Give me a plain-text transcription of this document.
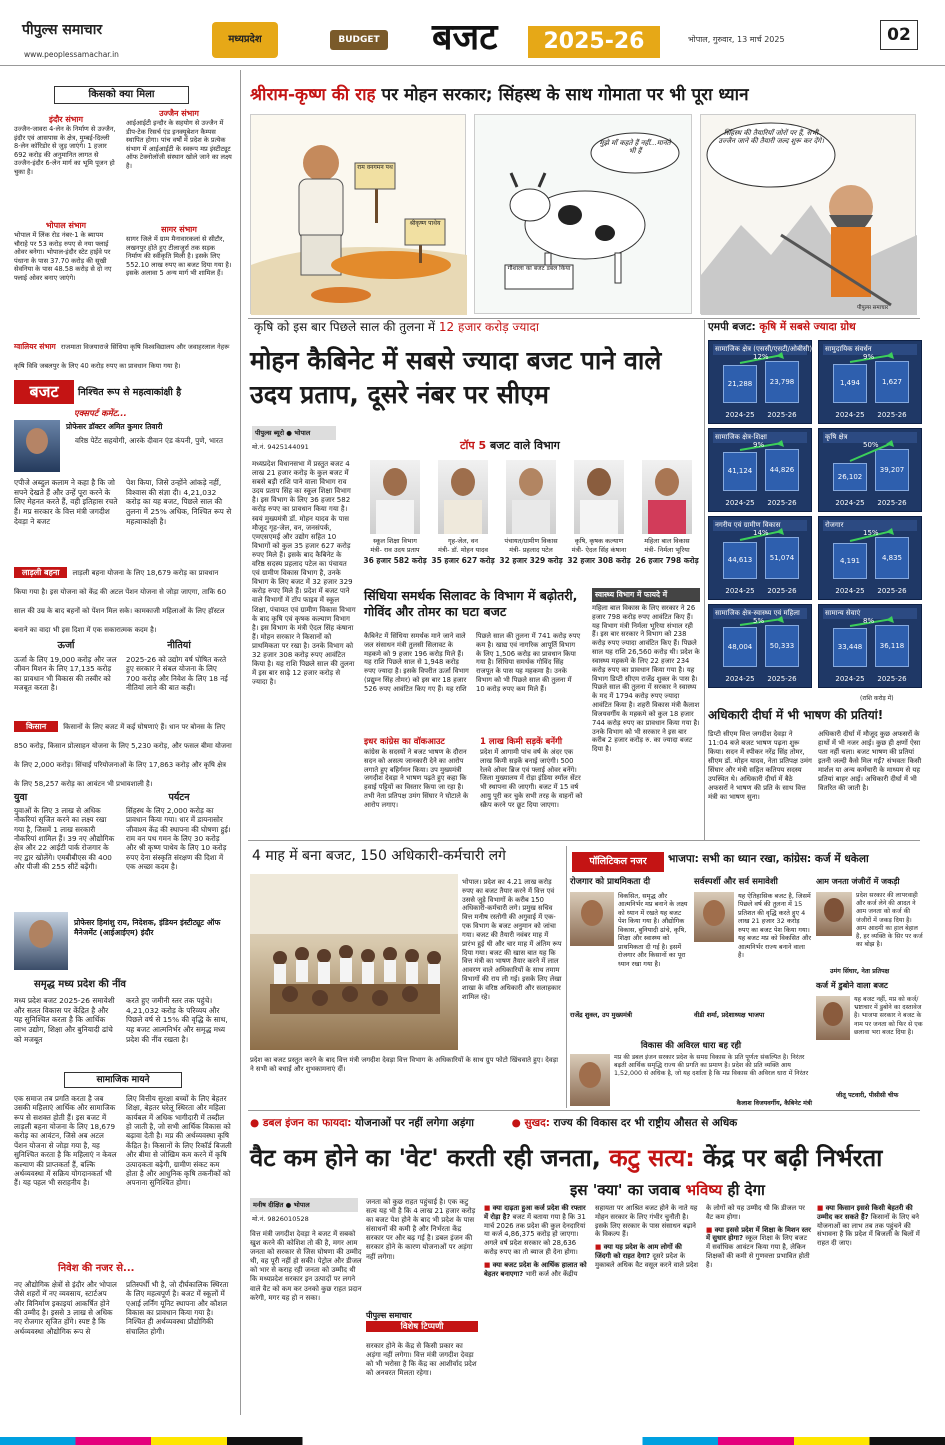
पीपुल्स समाचार
www.peoplessamachar.in
मध्यप्रदेश	BUDGET बजट	2025-26	भोपाल, गुरुवार, 13 मार्च 2025	02
किसको क्या मिला
इंदौर संभाग
उज्जैन-जावरा 4-लेन के निर्माण से उज्जैन, इंदौर एवं आसपास के क्षेत्र, मुम्बई-दिल्ली 8-लेन कॉरिडोर से जुड़ जाएंगे। 1 हजार 692 करोड़ की अनुमानित लागत से उज्जैन-इंदौर 6-लेन मार्ग का भूमि पूजन हो चुका है।
उज्जैन संभाग
आईआईटी इन्दौर के सहयोग से उज्जैन में डीप-टेक रिसर्च एंड इनक्यूबेशन कैम्पस स्थापित होगा। पांच वर्षों में प्रदेश के प्रत्येक संभाग में आईआईटी के स्वरूप मप्र इंस्टीट्यूट ऑफ टेक्नोलॉजी संस्थान खोले जाने का लक्ष्य है।
भोपाल संभाग
भोपाल में लिंक रोड नंबर-1 के ब्यापम चौराहे पर 53 करोड़ रुपए से नया फ्लाई ओवर बनेगा। भोपाल-इंदौर स्टेट हाईवे पर पंधाना के पास 37.70 करोड़ की सूखी सेवनिया के पास 48.58 करोड़ से दो नए फ्लाई ओवर बनाए जाएंगे।
सागर संभाग
सागर जिले में ग्राम मैनावारकलां से सीटौर, लखनपुर होते हुए टीलाजुर्रा तक सड़क निर्माण की स्वीकृति मिली है। इसके लिए 552.10 लाख रुपए का बजट दिया गया है। इसके अलावा 5 अन्य मार्ग भी शामिल हैं।
ग्वालियर संभाग राजमाता विजयाराजे सिंधिया कृषि विश्वविद्यालय और जवाहरलाल नेहरू कृषि विवि जबलपुर के लिए 40 करोड़ रुपए का प्रावधान किया गया है।
बजट	निश्चित रूप से महत्वाकांक्षी है
एक्सपर्ट कमेंट...
प्रोफेसर डॉक्टर अमित कुमार तिवारी
वरिष्ठ पेटेंट सहयोगी, आरके दीवान एंड कंपनी, पुणे, भारत
एपीजे अब्दुल कलाम ने कहा है कि जो सपने देखते हैं और उन्हें पूरा करने के लिए मेहनत करते हैं, वही इतिहास रचते हैं। मप्र सरकार के वित्त मंत्री जगदीश देवड़ा ने बजट
पेश किया, जिसे उन्होंने आंकड़े नहीं, विश्वास की संज्ञा दी। 4,21,032 करोड़ का यह बजट, पिछले साल की तुलना में 25% अधिक, निश्चित रूप से महत्वाकांक्षी है।
लाड़ली बहना लाड़ली बहना योजना के लिए 18,679 करोड़ का प्रावधान किया गया है। इस योजना को केंद्र की अटल पेंशन योजना से जोड़ा जाएगा, ताकि 60 साल की उम्र के बाद बहनों को पेंशन मिल सके। कामकाजी महिलाओं के लिए हॉस्टल बनाने का वादा भी इस दिशा में एक सकारात्मक कदम है।
ऊर्जा
ऊर्जा के लिए 19,000 करोड़ और जल जीवन मिशन के लिए 17,135 करोड़ का प्रावधान भी विकास की तस्वीर को मजबूत करता है।
नीतियां
2025-26 को उद्योग वर्ष घोषित करते हुए सरकार ने संबल योजना के लिए 700 करोड़ और निवेश के लिए 18 नई नीतियां लाने की बात कही।
किसान किसानों के लिए बजट में कई घोषणाएं हैं। धान पर बोनस के लिए 850 करोड़, किसान प्रोत्साहन योजना के लिए 5,230 करोड़, और फसल बीमा योजना के लिए 2,000 करोड़। सिंचाई परियोजनाओं के लिए 17,863 करोड़ और कृषि क्षेत्र के लिए 58,257 करोड़ का आवंटन भी प्रभावशाली है।
युवा
युवाओं के लिए 3 लाख से अधिक नौकरियां सृजित करने का लक्ष्य रखा गया है, जिसमें 1 लाख सरकारी नौकरियां शामिल हैं। 39 नए औद्योगिक क्षेत्र और 22 आईटी पार्क रोजगार के नए द्वार खोलेंगे। एमबीबीएस की 400 और पीजी की 255 सीटें बढ़ेंगी।
पर्यटन
सिंहस्थ के लिए 2,000 करोड़ का प्रावधान किया गया। धार में डायनासोर जीवाश्म केंद्र की स्थापना की घोषणा हुई। राम वन पथ गमन के लिए 30 करोड़ और श्री कृष्ण पाथेय के लिए 10 करोड़ रुपए देना संस्कृति संरक्षण की दिशा में एक अच्छा कदम है।
प्रोफेसर हिमांशु राय, निदेशक, इंडियन इंस्टीट्यूट ऑफ मैनेजमेंट (आईआईएम) इंदौर
समृद्ध मध्य प्रदेश की नींव
मध्य प्रदेश बजट 2025-26 समावेशी और सतत विकास पर केंद्रित है और यह सुनिश्चित करता है कि आर्थिक लाभ उद्योग, शिक्षा और बुनियादी ढांचे को मजबूत
करते हुए जमीनी स्तर तक पहुंचे। 4,21,032 करोड़ के परिव्यय और पिछले वर्ष से 15% की वृद्धि के साथ, यह बजट आत्मनिर्भर और समृद्ध मध्य प्रदेश की नींव रखता है।
सामाजिक मायने
एक समाज तब प्रगति करता है जब उसकी महिलाएं आर्थिक और सामाजिक रूप से सशक्त होती हैं। इस बजट में लाड़ली बहना योजना के लिए 18,679 करोड़ का आवंटन, जिसे अब अटल पेंशन योजना से जोड़ा गया है, यह सुनिश्चित करता है कि महिलाएं न केवल कल्याण की प्राप्तकर्ता हैं, बल्कि अर्थव्यवस्था में सक्रिय योगदानकर्ता भी हैं। यह पहल भी सराहनीय है।
लिए वित्तीय सुरक्षा बच्चों के लिए बेहतर शिक्षा, बेहतर घरेलू स्थिरता और महिला कार्यबल में अधिक भागीदारी में तब्दील हो जाती है, जो सभी आर्थिक विकास को बढ़ावा देती है। मप्र की अर्थव्यवस्था कृषि केंद्रित है। किसानों के लिए रिकॉर्ड बिजली और बीमा से जोखिम कम करने में कृषि उत्पादकता बढ़ेगी, ग्रामीण संकट कम होता है और आधुनिक कृषि तकनीकों को अपनाना सुनिश्चित होगा।
निवेश की नजर से...
नए औद्योगिक क्षेत्रों से इंदौर और भोपाल जैसे शहरों में नए व्यवसाय, स्टार्टअप और विनिर्माण इकाइयां आकर्षित होने की उम्मीद है। इससे 3 लाख से अधिक नए रोजगार सृजित होंगे। स्पष्ट है कि अर्थव्यवस्था औद्योगिक रूप से
प्रतिस्पर्धी भी है, जो दीर्घकालिक स्थिरता के लिए महत्वपूर्ण है। बजट में स्कूलों में एआई लर्निंग यूनिट स्थापना और कौशल विकास का प्रावधान किया गया है। निश्चित ही अर्थव्यवस्था प्रौद्योगिकी संचालित होगी।
श्रीराम-कृष्ण की राह पर मोहन सरकार; सिंहस्थ के साथ गोमाता पर भी पूरा ध्यान
राम वनगमन पथ
श्रीकृष्ण पाथेय
मुझे माँ कहते हैं नहीं...मानते भी हैं
गौशाला का बजट डबल किया
सिंहस्थ की तैयारियाँ जोरों पर हैं, सभी उज्जैन जाने की तैयारी जल्द शुरू कर देंगे।
पीपुल्स समाचार
कृषि को इस बार पिछले साल की तुलना में 12 हजार करोड़ ज्यादा
मोहन कैबिनेट में सबसे ज्यादा बजट पाने वाले उदय प्रताप, दूसरे नंबर पर सीएम
पीपुल्स ब्यूरो ● भोपाल
मो.नं. 9425144091
मध्यप्रदेश विधानसभा में प्रस्तुत बजट 4 लाख 21 हजार करोड़ के कुल बजट में सबसे बड़ी राशि पाने वाला विभाग राव उदय प्रताप सिंह का स्कूल शिक्षा विभाग है। इस विभाग के लिए 36 हजार 582 करोड़ रुपए का प्रावधान किया गया है। स्वयं मुख्यमंत्री डॉ. मोहन यादव के पास मौजूद गृह-जेल, वन, जनसंपर्क, एमएसएमई और उद्योग सहित 10 विभागों को कुल 35 हजार 627 करोड़ रुपए मिले हैं। इसके बाद कैबिनेट के वरिष्ठ सदस्य प्रहलाद पटेल का पंचायत एवं ग्रामीण विकास विभाग है, उनके विभाग के लिए बजट में 32 हजार 329 करोड़ रुपए मिले हैं। प्रदेश में बजट पाने वाले विभागों में टॉप फाइव में स्कूल शिक्षा, पंचायत एवं ग्रामीण विकास विभाग के बाद कृषि एवं कृषक कल्याण विभाग है। इस विभाग के मंत्री ऐदल सिंह कंषाना हैं। मोहन सरकार ने किसानों को प्राथमिकता पर रखा है। उनके विभाग को 32 हजार 308 करोड़ रुपए आवंटित किया है। यह राशि पिछले साल की तुलना में इस बार साढ़े 12 हजार करोड़ से ज्यादा है।
टॉप 5 बजट वाले विभाग
स्कूल शिक्षा विभाग
मंत्री- राव उदय प्रताप
36 हजार 582 करोड़
गृह-जेल, वन
मंत्री- डॉ. मोहन यादव
35 हजार 627 करोड़
पंचायत/ग्रामीण विकास
मंत्री- प्रहलाद पटेल
32 हजार 329 करोड़
कृषि, कृषक कल्याण
मंत्री- ऐदल सिंह कंषाना
32 हजार 308 करोड़
महिला बाल विकास
मंत्री- निर्मला भूरिया
26 हजार 798 करोड़
सिंधिया समर्थक सिलावट के विभाग में बढ़ोतरी, गोविंद और तोमर का घटा बजट
कैबिनेट में सिंधिया समर्थक माने जाने वाले जल संसाधन मंत्री तुलसी सिलावट के महकमे को 9 हजार 196 करोड़ मिले हैं। यह राशि पिछले साल से 1,948 करोड़ रुपए ज्यादा है। इसके विपरीत ऊर्जा विभाग (प्रद्युम्न सिंह तोमर) को इस बार 18 हजार 526 रुपए आवंटित किए गए हैं। यह राशि पिछले साल की तुलना में 741 करोड़ रुपए कम है। खाद्य एवं नागरिक आपूर्ति विभाग के लिए 1,506 करोड़ का प्रावधान किया गया है। सिंधिया समर्थक गोविंद सिंह राजपूत के पास यह महकमा है। उनके विभाग को भी पिछले साल की तुलना में 10 करोड़ रुपए कम मिले हैं।
इधर कांग्रेस का वॉकआउट
कांग्रेस के सदस्यों ने बजट भाषण के दौरान सदन को असत्य जानकारी देने का आरोप लगाते हुए बहिर्गमन किया। उप मुख्यमंत्री जगदीश देवड़ा ने भाषण पढ़ते हुए कहा कि हवाई पट्टियों का विस्तार किया जा रहा है। तभी नेता प्रतिपक्ष उमंग सिंघार ने घोटाले के आरोप लगाए।
1 लाख किमी सड़कें बनेंगी
प्रदेश में आगामी पांच वर्ष के अंदर एक लाख किमी सड़कें बनाई जाएंगी। 500 रेलवे ओवर ब्रिज एवं फ्लाई ओवर बनेंगे। जिला मुख्यालय में रोड़ा इंडिया स्मॉल सेंटर भी स्थापना की जाएगी। बजट में 15 वर्ष आयु पूरी कर चुके सभी तरह के वाहनों को स्क्रैप करने पर छूट दिया जाएगा।
स्वास्थ्य विभाग में फायदे में
महिला बाल विकास के लिए सरकार ने 26 हजार 798 करोड़ रुपए आवंटित किए हैं। यह विभाग मंत्री निर्मला भूरिया संभाल रही हैं। इस बार सरकार ने विभाग को 238 करोड़ रुपए ज्यादा आवंटित किए हैं। पिछले साल यह राशि 26,560 करोड़ थी। प्रदेश के स्वास्थ्य महकमे के लिए 22 हजार 234 करोड़ रुपए का प्रावधान किया गया है। यह विभाग डिप्टी सीएम राजेंद्र शुक्ल के पास है। पिछले साल की तुलना में सरकार ने स्वास्थ्य के मद में 1794 करोड़ रुपए ज्यादा आवंटित किया है। शहरी विकास मंत्री कैलाश विजयवर्गीय के महकमे को कुल 18 हजार 744 करोड़ रुपए का प्रावधान किया गया है। उनके विभाग को भी सरकार ने इस बार करीब 2 हजार करोड़ रु. का ज्यादा बजट दिया है।
एमपी बजट: कृषि में सबसे ज्यादा ग्रोथ
सामाजिक क्षेत्र (एससी/एसटी/ओबीसी)
21,288
2024-25
23,798
2025-26
12%
सामुदायिक संवर्धन
1,494
2024-25
1,627
2025-26
9%
सामाजिक क्षेत्र-शिक्षा
41,124
2024-25
44,826
2025-26
9%
कृषि क्षेत्र
26,102
2024-25
39,207
2025-26
50%
नगरीय एवं ग्रामीण विकास
44,613
2024-25
51,074
2025-26
14%
रोजगार
4,191
2024-25
4,835
2025-26
15%
सामाजिक क्षेत्र-स्वास्थ्य एवं महिला
48,004
2024-25
50,333
2025-26
5%
सामान्य सेवाएं
33,448
2024-25
36,118
2025-26
8%
(राशि करोड़ में)
अधिकारी दीर्घा में भी भाषण की प्रतियां!
डिप्टी सीएम वित्त जगदीश देवड़ा ने 11:04 बजे बजट भाषण पढ़ना शुरू किया। सदन में स्पीकर नरेंद्र सिंह तोमर, सीएम डॉ. मोहन यादव, नेता प्रतिपक्ष उमंग सिंघार और मंत्री सहित कतिपय सदस्य उपस्थित थे। अधिकारी दीर्घा में बैठे अफसरों ने भाषण की प्रति के साथ वित्त मंत्री का भाषण सुना।
अधिकारी दीर्घा में मौजूद कुछ अफसरों के हाथों में भी नजर आई। कुछ ही क्षणों ऐसा पता नहीं चला। बजट भाषण की प्रतियां इतनी जल्दी कैसे मिल गईं? संभवतः किसी मार्शल या अन्य कर्मचारी के माध्यम से यह प्रतियां बाहर आई। अधिकारी दीर्घा में भी वितरित की जाती है।
4 माह में बना बजट, 150 अधिकारी-कर्मचारी लगे
भोपाल। प्रदेश का 4.21 लाख करोड़ रुपए का बजट तैयार करने में वित्त एवं उससे जुड़े विभागों के करीब 150 अधिकारी-कर्मचारी लगे। प्रमुख सचिव वित्त मनीष रस्तोगी की अगुवाई में एक-एक विभाग के बजट अनुमान को जांचा गया। बजट की तैयारी नवंबर माह में प्रारंभ हुई थी और चार माह में अंतिम रूप दिया गया। बजट की खास बात यह कि वित्त मंत्री का भाषण तैयार करने में लाल आवरण वाले अधिकारियों के साथ तमाम विभागों की राय ली गई। इसके लिए लेखा शाखा के वरिष्ठ अधिकारी और सलाहकार शामिल रहे।
प्रदेश का बजट प्रस्तुत करने के बाद वित्त मंत्री जगदीश देवड़ा वित्त विभाग के अधिकारियों के साथ ग्रुप फोटो खिंचवाते हुए। देवड़ा ने सभी को बधाई और शुभकामनाएं दीं।
पॉलिटिकल नजर	भाजपा: सभी का ध्यान रखा, कांग्रेस: कर्ज में धकेला
रोजगार को प्राथमिकता दी
विकसित, समृद्ध और आत्मनिर्भर मप्र बनाने के लक्ष्य को ध्यान में रखते यह बजट पेश किया गया है। औद्योगिक विकास, बुनियादी ढांचे, कृषि, शिक्षा और स्वास्थ्य को प्राथमिकता दी गई है। इसमें रोजगार और किसानों का पूरा ध्यान रखा गया है।
राजेंद्र शुक्ल, उप मुख्यमंत्री
सर्वस्पर्शी और सर्व समावेशी
यह ऐतिहासिक बजट है, जिसमें पिछले वर्ष की तुलना में 15 प्रतिशत की वृद्धि करते हुए 4 लाख 21 हजार 32 करोड़ रुपए का बजट पेश किया गया। यह बजट मप्र को विकसित और आत्मनिर्भर राज्य बनाने वाला है।
वीडी शर्मा, प्रदेशाध्यक्ष भाजपा
आम जनता जंजीरों में जकड़ी
प्रदेश सरकार की लापरवाही और कर्ज लेने की आदत ने आम जनता को कर्ज की जंजीरों में जकड़ दिया है। आम आदमी का हाल बेहाल है, हर व्यक्ति के सिर पर कर्ज का बोझ है।
उमंग सिंघार, नेता प्रतिपक्ष
कर्ज में डुबोने वाला बजट
यह बजट नहीं, मप्र को कर्ज/भ्रष्टाचार में डुबोने का दस्तावेज है। भाजपा सरकार ने बजट के नाम पर जनता को फिर से एक छलावा भरा बजट दिया है।
जीतू पटवारी, पीसीसी चीफ
विकास की अविरल धारा बह रही
मप्र की डबल इंजन सरकार प्रदेश के समग्र विकास के प्रति पूर्णतः संकल्पित है। निरंतर बढ़ती आर्थिक समृद्धि राज्य की प्रगति का प्रमाण है। प्रदेश की प्रति व्यक्ति आय 1,52,000 से अधिक है, जो यह दर्शाता है कि मप्र विकास की अविरल धारा में निरंतर
कैलाश विजयवर्गीय, कैबिनेट मंत्री
● डबल इंजन का फायदा: योजनाओं पर नहीं लगेगा अड़ंगा	● सुखद: राज्य की विकास दर भी राष्ट्रीय औसत से अधिक
वैट कम होने का 'वेट' करती रही जनता, कटु सत्य: केंद्र पर बढ़ी निर्भरता
इस 'क्या' का जवाब भविष्य ही देगा
मनीष दीक्षित ● भोपाल
मो.नं. 9826010528
वित्त मंत्री जगदीश देवड़ा ने बजट में सबको खुश करने की कोशिश तो की है, मगर आम जनता को सरकार से जिस घोषणा की उम्मीद थी, वह पूरी नहीं हो सकी। पेट्रोल और डीजल को भार से कराह रही जनता को उम्मीद थी कि मध्यप्रदेश सरकार इन उत्पादों पर लगने वाले वैट को कम कर उनको कुछ राहत प्रदान करेगी, मगर यह हो न सका।
जनता को कुछ राहत पहुंचाई है। एक कटु सत्य यह भी है कि 4 लाख 21 हजार करोड़ का बजट पेश होने के बाद भी प्रदेश के पास संसाधनों की कमी है और निर्भरता केंद्र सरकार पर और बढ़ गई है। डबल इंजन की सरकार होने के कारण योजनाओं पर अड़ंगा नहीं लगेगा।
पीपुल्स समाचार
विशेष टिप्पणी
सरकार होने के केंद्र से किसी प्रकार का अड़ंगा नहीं लगेगा। वित्त मंत्री जगदीश देवड़ा को भी भरोसा है कि केंद्र का आशीर्वाद प्रदेश को अनवरत मिलता रहेगा।
■ क्या दाढ़ता हुआ कर्ज प्रदेश की रफ्तार में रोड़ा है? बजट में बताया गया है कि 31 मार्च 2026 तक प्रदेश की कुल देनदारियां या कर्ज 4,86,375 करोड़ हो जाएगा। अगले वर्ष प्रदेश सरकार को 28,636 करोड़ रुपए का तो ब्याज ही देना होगा।
■ क्या बजट प्रदेश के आर्थिक हालात को बेहतर बनाएगा? भारी कर्ज और केंद्रीय सहायता पर आश्रित बजट होने के नाते यह मोहन सरकार के लिए गंभीर चुनौती है। इसके लिए सरकार के पास संसाधन बढ़ाने के विकल्प हैं।
■ क्या यह प्रदेश के आम लोगों की जिंदगी को राहत देगा? दूसरे प्रदेश के मुकाबले अधिक वैट वसूल करने वाले प्रदेश के लोगों को यह उम्मीद थी कि डीजल पर वैट कम होगा।
■ क्या इससे प्रदेश में शिक्षा के मिशन स्तर में सुधार होगा? स्कूल शिक्षा के लिए बजट में सर्वाधिक आवंटन किया गया है, लेकिन शिक्षकों की कमी से गुणवत्ता प्रभावित होती है।
■ क्या किसान इससे किसी बेहतरी की उम्मीद कर सकते हैं? किसानों के लिए बने योजनाओं का लाभ तब तक पहुंचने की संभावना है कि प्रदेश में बिजली के बिलों में राहत दी जाए।
